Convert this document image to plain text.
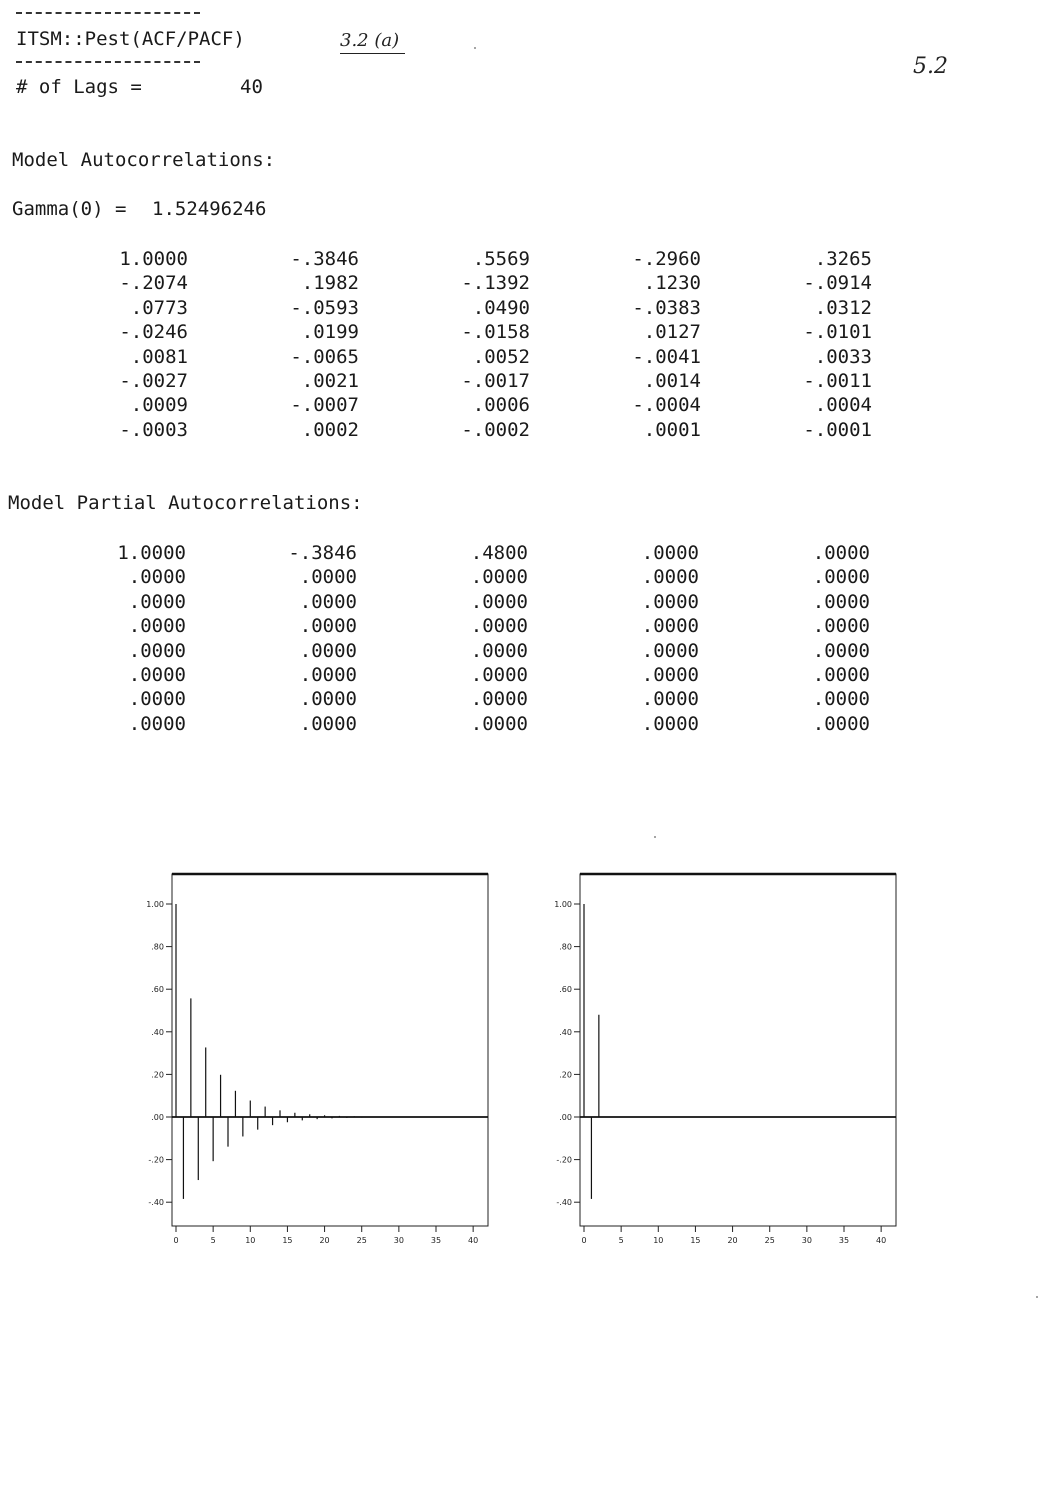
ITSM::Pest(ACF/PACF)
# of Lags =	40
3.2 (a)
5.2
Model Autocorrelations:
Gamma(0) = 1.52496246
1.0000	-.3846	.5569	-.2960	.3265
-.2074	.1982	-.1392	.1230	-.0914
.0773	-.0593	.0490	-.0383	.0312
-.0246	.0199	-.0158	.0127	-.0101
.0081	-.0065	.0052	-.0041	.0033
-.0027	.0021	-.0017	.0014	-.0011
.0009	-.0007	.0006	-.0004	.0004
-.0003	.0002	-.0002	.0001	-.0001
Model Partial Autocorrelations:
1.0000	-.3846	.4800	.0000	.0000
.0000	.0000	.0000	.0000	.0000
.0000	.0000	.0000	.0000	.0000
.0000	.0000	.0000	.0000	.0000
.0000	.0000	.0000	.0000	.0000
.0000	.0000	.0000	.0000	.0000
.0000	.0000	.0000	.0000	.0000
.0000	.0000	.0000	.0000	.0000
1.00
.80
.60
.40
.20
.00
-.20
-.40
0	5	10	15	20	25	30	35	40
1.00
.80
.60
.40
.20
.00
-.20
-.40
0	5	10	15	20	25	30	35	40
